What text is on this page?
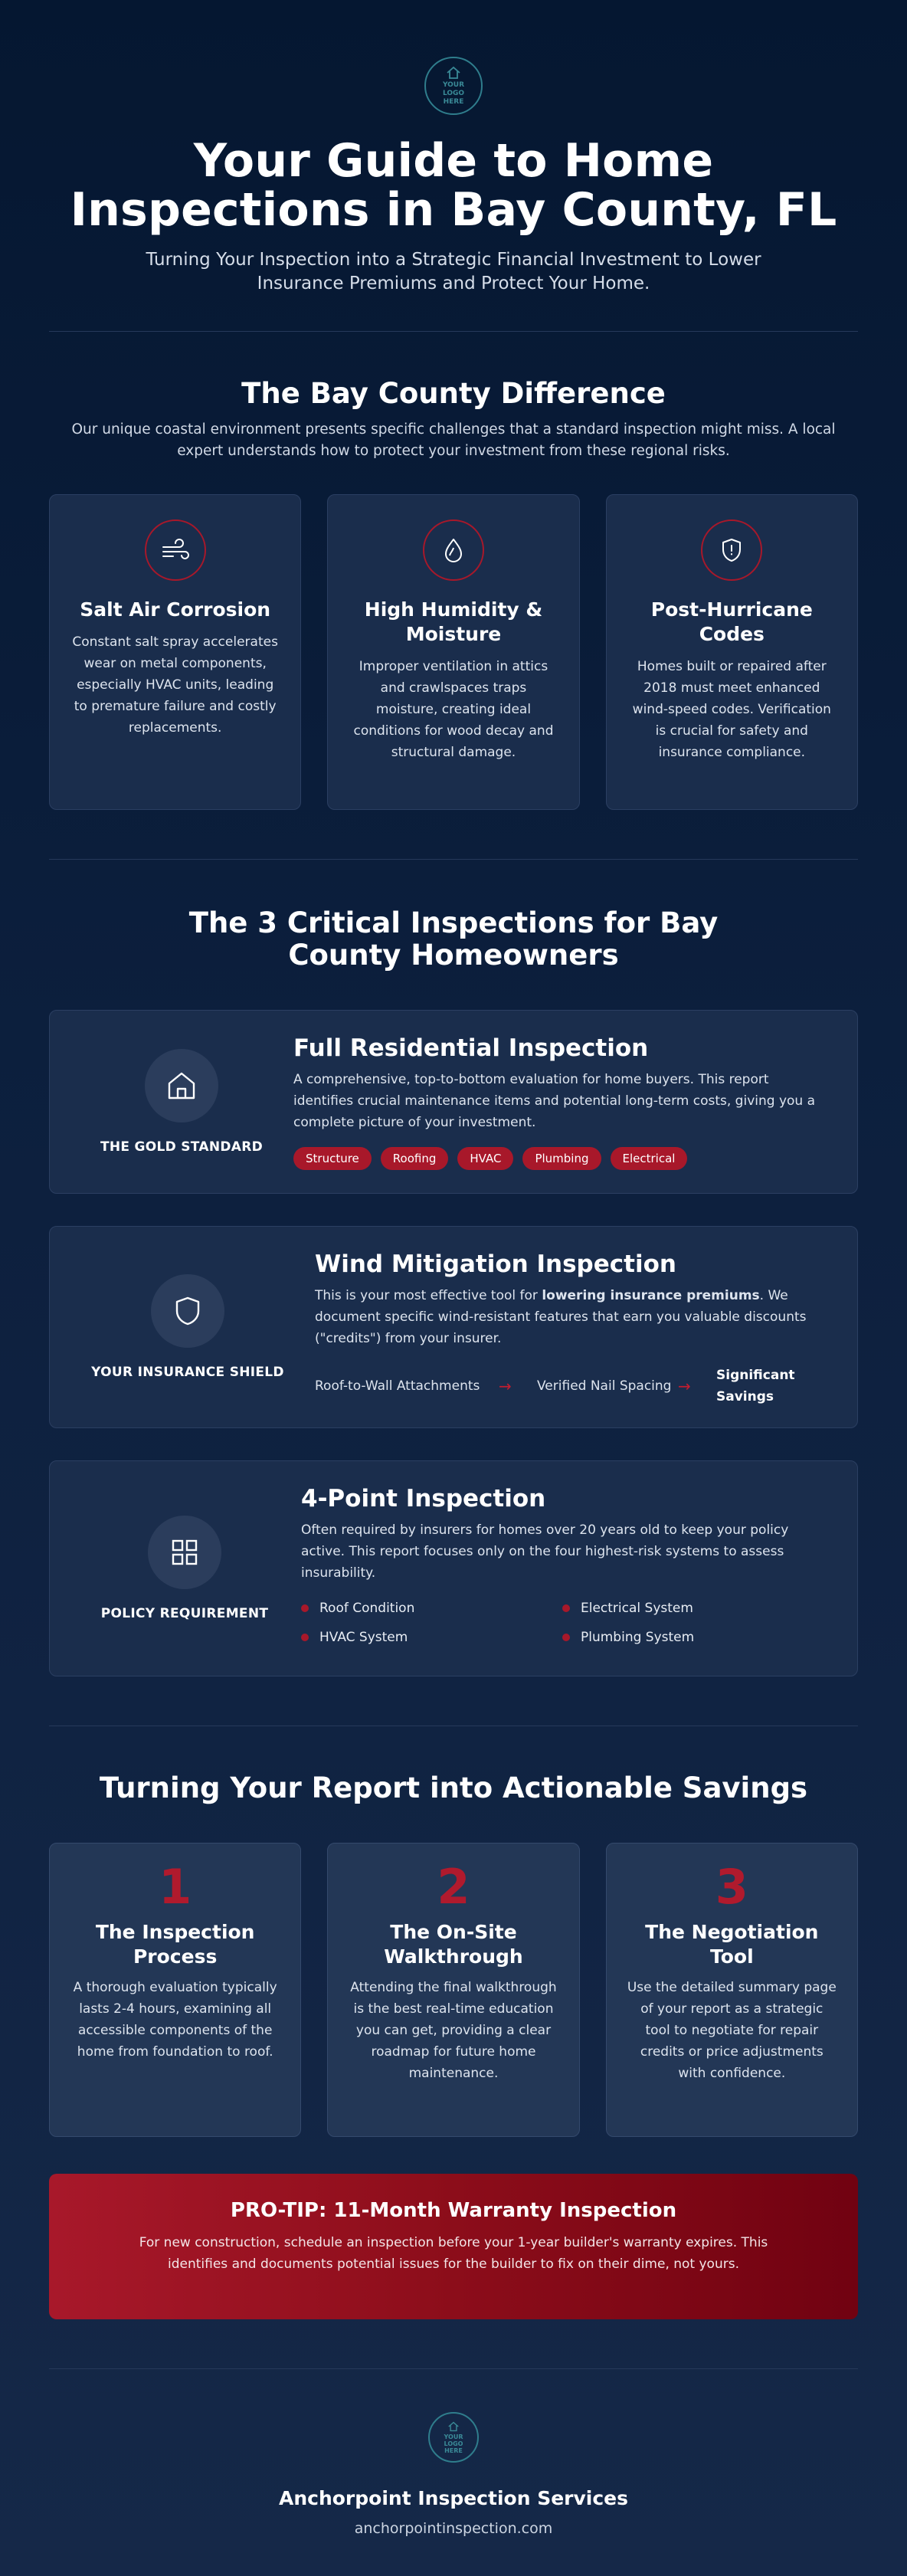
YOUR LOGO HERE
Your Guide to Home Inspections in Bay County, FL

Turning Your Inspection into a Strategic Financial Investment to Lower Insurance Premiums and Protect Your Home.

The Bay County Difference

Our unique coastal environment presents specific challenges that a standard inspection might miss. A local expert understands how to protect your investment from these regional risks.

Salt Air Corrosion

Constant salt spray accelerates wear on metal components, especially HVAC units, leading to premature failure and costly replacements.

High Humidity & Moisture

Improper ventilation in attics and crawlspaces traps moisture, creating ideal conditions for wood decay and structural damage.

Post-Hurricane Codes

Homes built or repaired after 2018 must meet enhanced wind-speed codes. Verification is crucial for safety and insurance compliance.

The 3 Critical Inspections for Bay County Homeowners
THE GOLD STANDARD
Full Residential Inspection

A comprehensive, top-to-bottom evaluation for home buyers. This report identifies crucial maintenance items and potential long-term costs, giving you a complete picture of your investment.

Structure	Roofing	HVAC	Plumbing	Electrical
YOUR INSURANCE SHIELD
Wind Mitigation Inspection

This is your most effective tool for lowering insurance premiums. We document specific wind-resistant features that earn you valuable discounts ("credits") from your insurer.

Roof-to-Wall Attachments	→	Verified Nail Spacing →
Significant Savings
POLICY REQUIREMENT
4-Point Inspection

Often required by insurers for homes over 20 years old to keep your policy active. This report focuses only on the four highest-risk systems to assess insurability.

Roof Condition	Electrical System
HVAC System	Plumbing System
Turning Your Report into Actionable Savings
1
The Inspection Process

A thorough evaluation typically lasts 2-4 hours, examining all accessible components of the home from foundation to roof.

2
The On-Site Walkthrough

Attending the final walkthrough is the best real-time education you can get, providing a clear roadmap for future home maintenance.

3
The Negotiation Tool

Use the detailed summary page of your report as a strategic tool to negotiate for repair credits or price adjustments with confidence.

PRO-TIP: 11-Month Warranty Inspection

For new construction, schedule an inspection before your 1-year builder's warranty expires. This identifies and documents potential issues for the builder to fix on their dime, not yours.

YOUR LOGO HERE
Anchorpoint Inspection Services
anchorpointinspection.com
